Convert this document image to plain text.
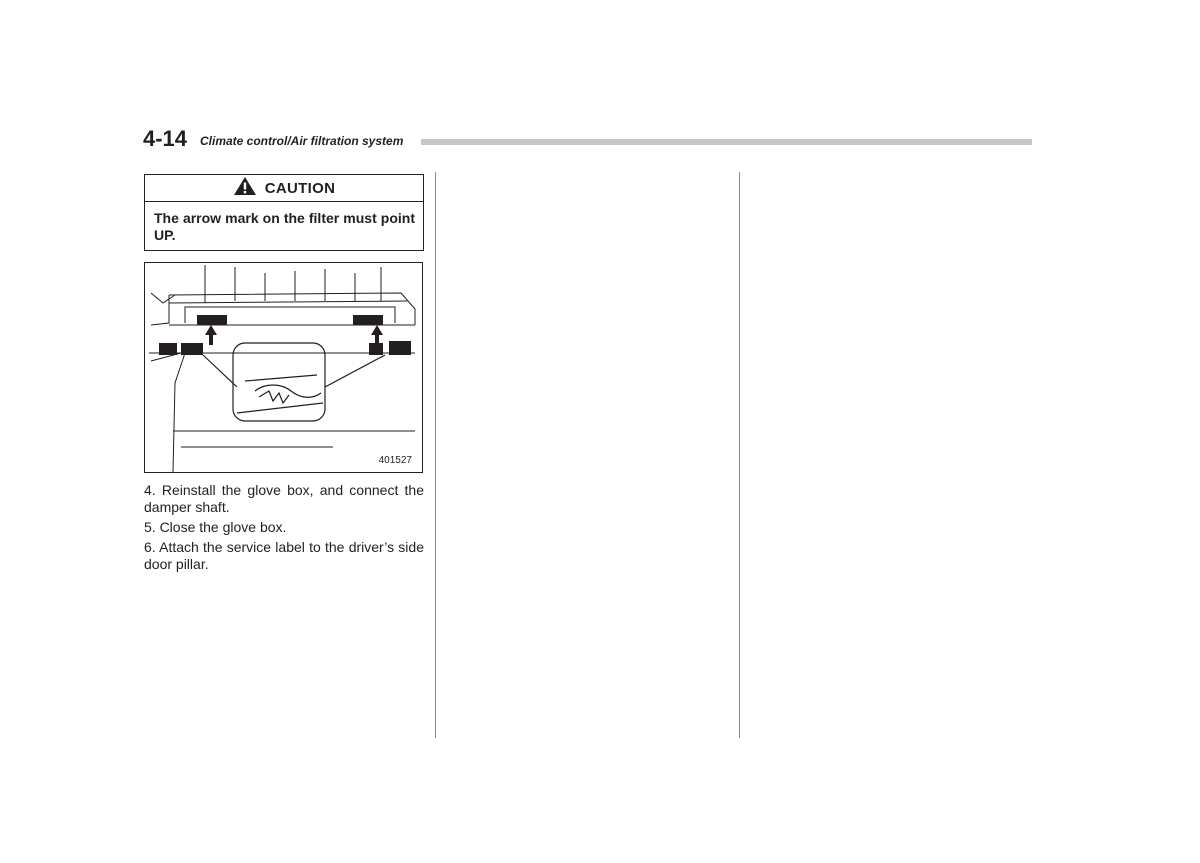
4-14 Climate control/Air filtration system
CAUTION
The arrow mark on the filter must point UP.
401527

4. Reinstall the glove box, and connect the damper shaft.

5. Close the glove box.

6. Attach the service label to the driver’s side door pillar.
